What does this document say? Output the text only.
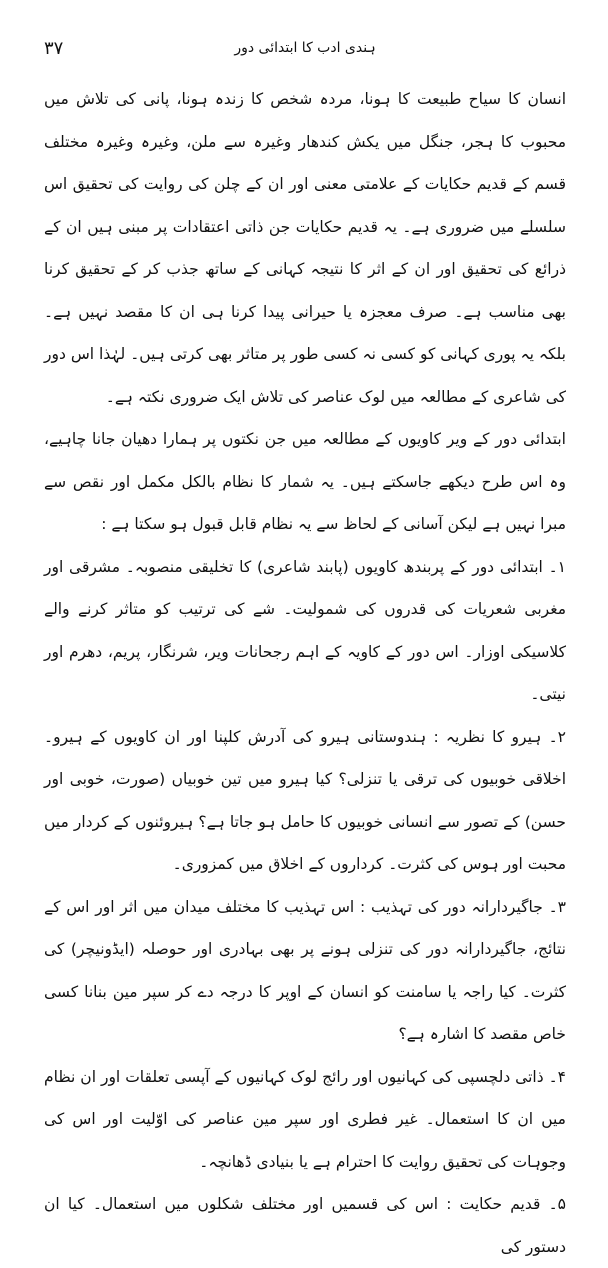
۳۷	ہندی ادب کا ابتدائی دور

انسان کا سیاح طبیعت کا ہونا، مردہ شخص کا زندہ ہونا، پانی کی تلاش میں محبوب کا ہجر، جنگل میں یکش کندھار وغیرہ سے ملن، وغیرہ وغیرہ مختلف قسم کے قدیم حکایات کے علامتی معنی اور ان کے چلن کی روایت کی تحقیق اس سلسلے میں ضروری ہے۔ یہ قدیم حکایات جن ذاتی اعتقادات پر مبنی ہیں ان کے ذرائع کی تحقیق اور ان کے اثر کا نتیجہ کہانی کے ساتھ جذب کر کے تحقیق کرنا بھی مناسب ہے۔ صرف معجزہ یا حیرانی پیدا کرنا ہی ان کا مقصد نہیں ہے۔ بلکہ یہ پوری کہانی کو کسی نہ کسی طور پر متاثر بھی کرتی ہیں۔ لہٰذا اس دور کی شاعری کے مطالعہ میں لوک عناصر کی تلاش ایک ضروری نکتہ ہے۔

ابتدائی دور کے ویر کاویوں کے مطالعہ میں جن نکتوں پر ہمارا دھیان جانا چاہیے، وہ اس طرح دیکھے جاسکتے ہیں۔ یہ شمار کا نظام بالکل مکمل اور نقص سے مبرا نہیں ہے لیکن آسانی کے لحاظ سے یہ نظام قابل قبول ہو سکتا ہے :

۱۔ ابتدائی دور کے پربندھ کاویوں (پابند شاعری) کا تخلیقی منصوبہ۔ مشرقی اور مغربی شعریات کی قدروں کی شمولیت۔ شے کی ترتیب کو متاثر کرنے والے کلاسیکی اوزار۔ اس دور کے کاویہ کے اہم رجحانات ویر، شرنگار، پریم، دھرم اور نیتی۔

۲۔ ہیرو کا نظریہ : ہندوستانی ہیرو کی آدرش کلپنا اور ان کاویوں کے ہیرو۔ اخلاقی خوبیوں کی ترقی یا تنزلی؟ کیا ہیرو میں تین خوبیاں (صورت، خوبی اور حسن) کے تصور سے انسانی خوبیوں کا حامل ہو جاتا ہے؟ ہیروئنوں کے کردار میں محبت اور ہوس کی کثرت۔ کرداروں کے اخلاق میں کمزوری۔

۳۔ جاگیردارانہ دور کی تہذیب : اس تہذیب کا مختلف میدان میں اثر اور اس کے نتائج، جاگیردارانہ دور کی تنزلی ہونے پر بھی بہادری اور حوصلہ (ایڈونیچر) کی کثرت۔ کیا راجہ یا سامنت کو انسان کے اوپر کا درجہ دے کر سپر مین بنانا کسی خاص مقصد کا اشارہ ہے؟

۴۔ ذاتی دلچسپی کی کہانیوں اور رائج لوک کہانیوں کے آپسی تعلقات اور ان نظام میں ان کا استعمال۔ غیر فطری اور سپر مین عناصر کی اوّلیت اور اس کی وجوہات کی تحقیق روایت کا احترام ہے یا بنیادی ڈھانچہ۔

۵۔ قدیم حکایت : اس کی قسمیں اور مختلف شکلوں میں استعمال۔ کیا ان دستور کی
